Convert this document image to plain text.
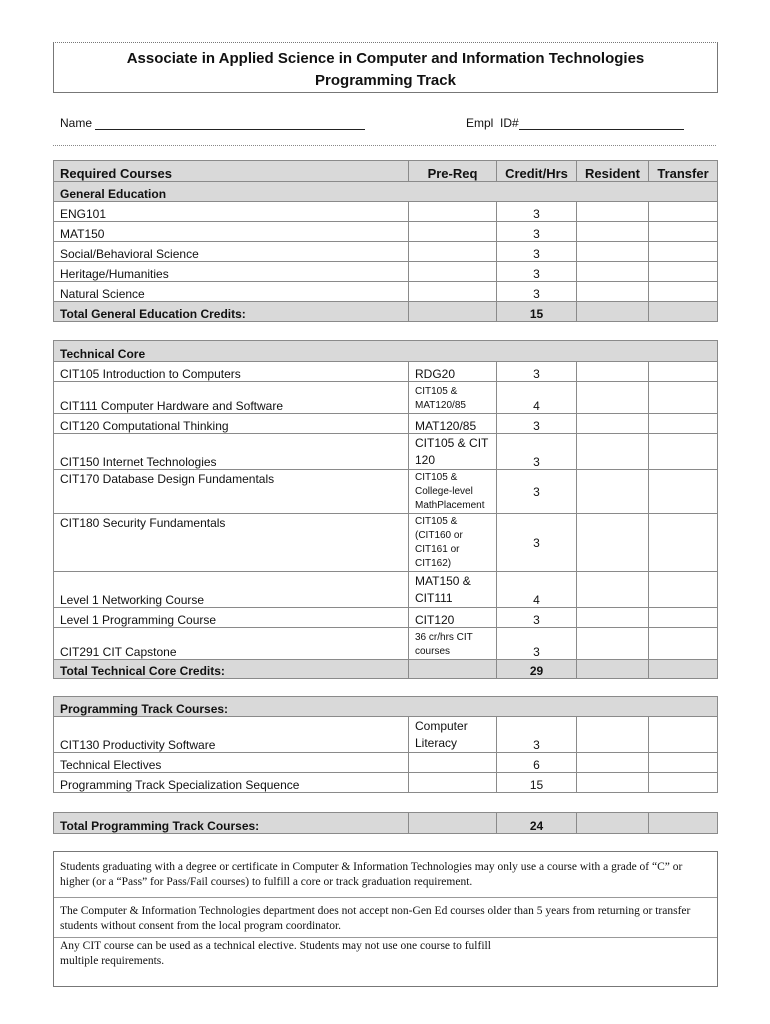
Associate in Applied Science in Computer and Information Technologies
Programming Track
Name	Empl  ID#
Required Courses	Pre-Req	Credit/Hrs	Resident	Transfer
General Education				
ENG101		3		
MAT150		3		
Social/Behavioral Science		3		
Heritage/Humanities		3		
Natural Science		3		
Total General Education Credits:		15		
Technical Core				
CIT105 Introduction to Computers	RDG20	3		
CIT111 Computer Hardware and Software	CIT105 & MAT120/85	4		
CIT120 Computational Thinking	MAT120/85	3		
CIT150 Internet Technologies	CIT105 & CIT 120	3		
CIT170 Database Design Fundamentals	CIT105 & College-level MathPlacement	3		
CIT180 Security Fundamentals	CIT105 & (CIT160 or CIT161 or CIT162)	3		
Level 1 Networking Course	MAT150 & CIT111	4		
Level 1 Programming Course	CIT120	3		
CIT291 CIT Capstone	36 cr/hrs CIT courses	3		
Total Technical Core Credits:		29		
Programming Track Courses:				
CIT130 Productivity Software	Computer Literacy	3		
Technical Electives		6		
Programming Track Specialization Sequence		15		
Total Programming Track Courses:		24		
Students graduating with a degree or certificate in Computer & Information Technologies may only use a course with a grade of “C” or higher (or a “Pass” for Pass/Fail courses) to fulfill a core or track graduation requirement.
The Computer & Information Technologies department does not accept non-Gen Ed courses older than 5 years from returning or transfer students without consent from the local program coordinator.
Any CIT course can be used as a technical elective. Students may not use one course to fulfill multiple requirements.
